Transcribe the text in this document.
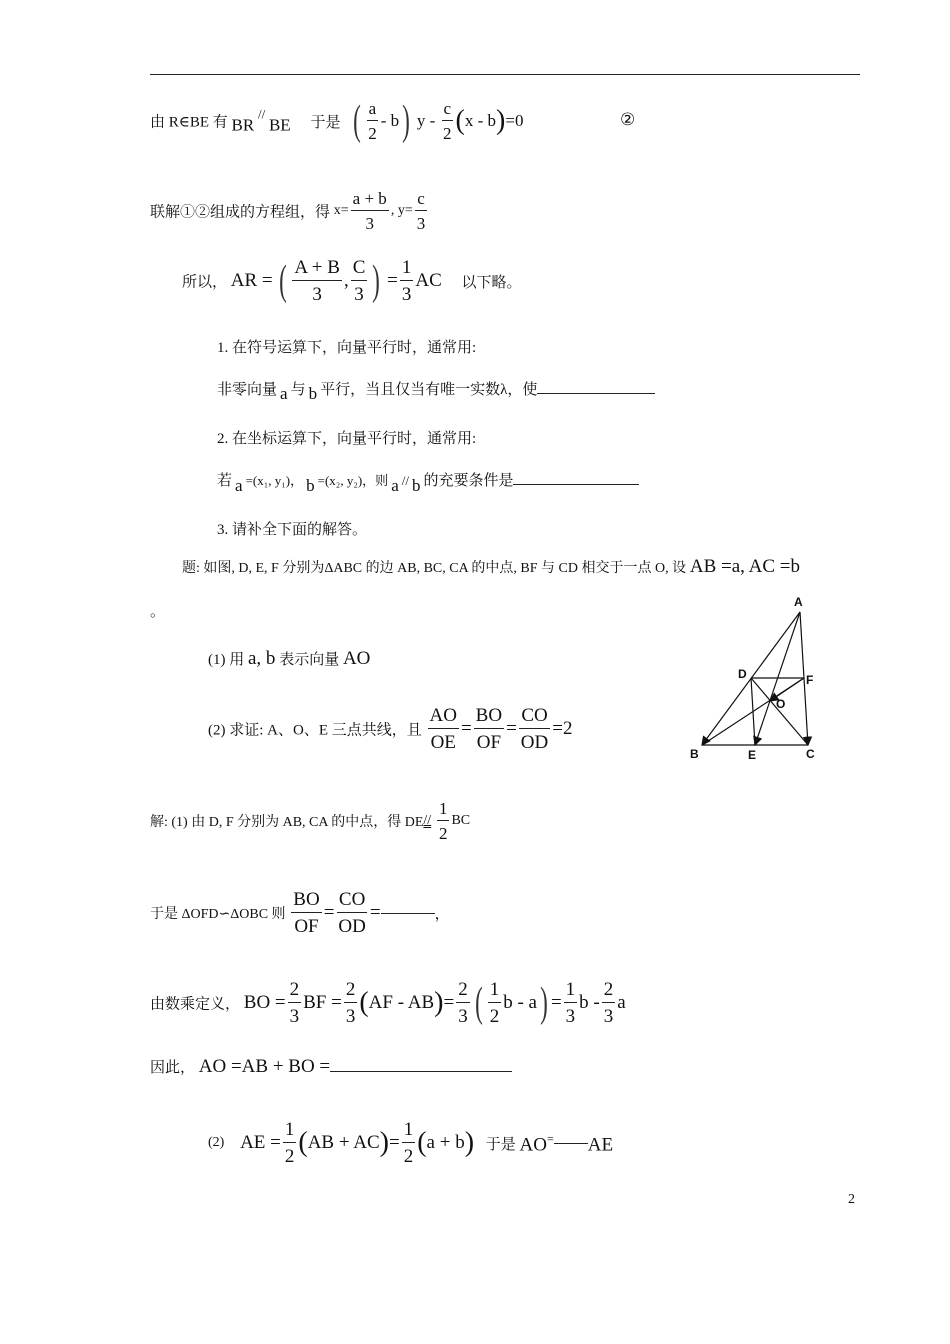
由 R∈BE 有 BR // BE 于是 ( $\frac{a}{2} - b$) $y - \frac{c}{2} (x - b)=0$	②
联解①②组成的方程组，得 $x= \frac{a + b}{3}$ , $y= \frac{c}{3}$
所以， AR = ( $\frac{A + B}{3}$ , $\frac{C}{3}$ ) = $\frac{1}{3}$ AC 以下略。
1. 在符号运算下，向量平行时，通常用:
非零向量 a 与 b 平行，当且仅当有唯一实数λ，使
2. 在坐标运算下，向量平行时，通常用:
若 a =(x₁, y₁)， b =(x₂, y₂)，则 a // b 的充要条件是
3. 请补全下面的解答。
题: 如图, D, E, F 分别为ΔABC 的边 AB, BC, CA 的中点, BF 与 CD 相交于一点 O, 设 AB =a, AC =b
。
(1) 用 a, b 表示向量 AO
(2) 求证: A、O、E 三点共线，且 $\frac{AO}{OE} = \frac{BO}{OF} = \frac{CO}{OD} =2$
A
B	C
D
E
F
O
解: (1) 由 D, F 分别为 AB, CA 的中点，得 $DE// \frac{1}{2}$ BC
于是 ΔOFD∽ΔOBC 则 $\frac{BO}{OF} = \frac{CO}{OD}$ =	，
由数乘定义， BO = $\frac{2}{3}$ BF = $\frac{2}{3} (AF - AB)= \frac{2}{3}$ ( $\frac{1}{2}$ $b - a) = \frac{1}{3}$ b - $\frac{2}{3}$ a
因此， AO =AB + BO =
(2) AE = $\frac{1}{2} (AB + AC)= \frac{1}{2} (a + b)$ 于是 AO= AE
2
